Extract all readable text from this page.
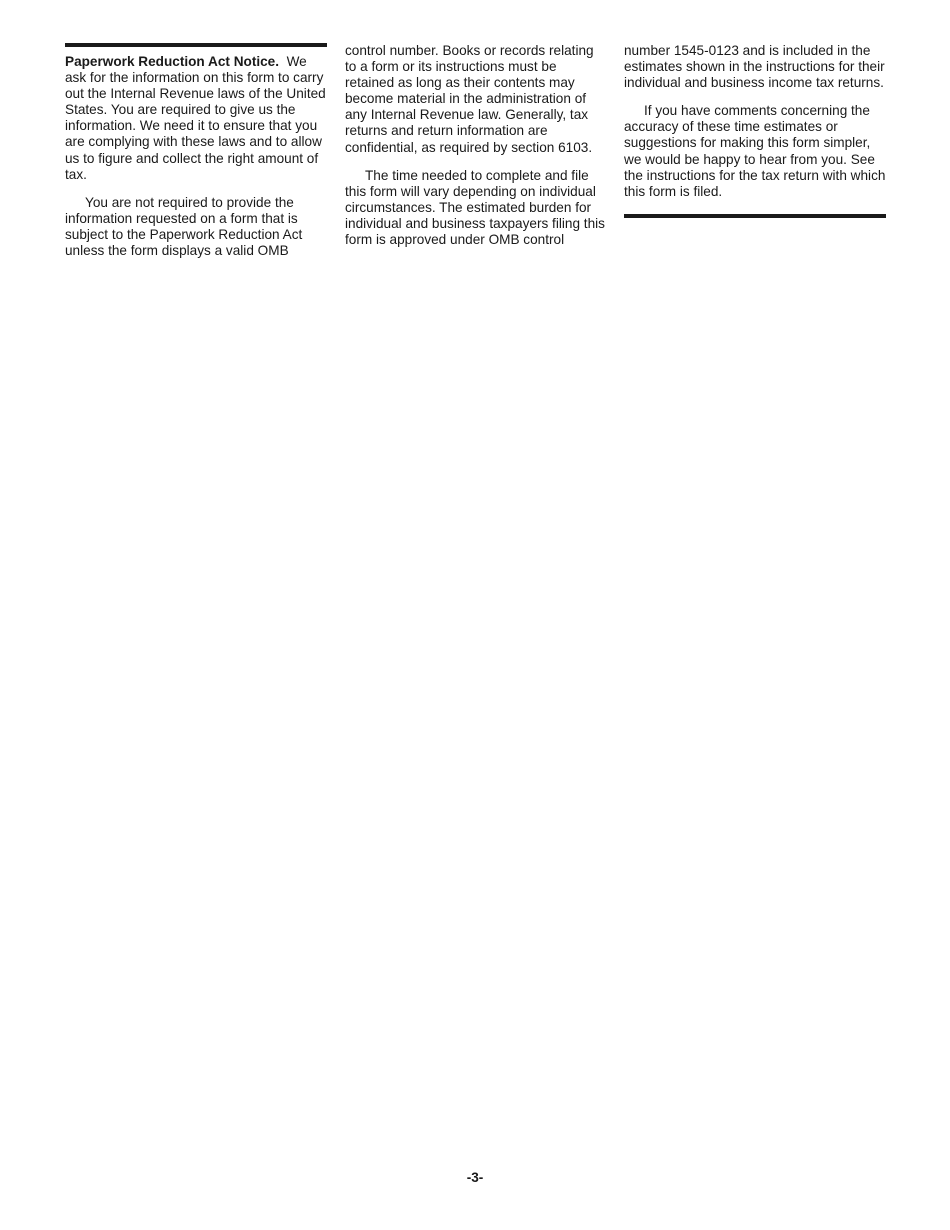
Paperwork Reduction Act Notice. We ask for the information on this form to carry out the Internal Revenue laws of the United States. You are required to give us the information. We need it to ensure that you are complying with these laws and to allow us to figure and collect the right amount of tax.

You are not required to provide the information requested on a form that is subject to the Paperwork Reduction Act unless the form displays a valid OMB

control number. Books or records relating to a form or its instructions must be retained as long as their contents may become material in the administration of any Internal Revenue law. Generally, tax returns and return information are confidential, as required by section 6103.

The time needed to complete and file this form will vary depending on individual circumstances. The estimated burden for individual and business taxpayers filing this form is approved under OMB control

number 1545-0123 and is included in the estimates shown in the instructions for their individual and business income tax returns.

If you have comments concerning the accuracy of these time estimates or suggestions for making this form simpler, we would be happy to hear from you. See the instructions for the tax return with which this form is filed.

-3-
